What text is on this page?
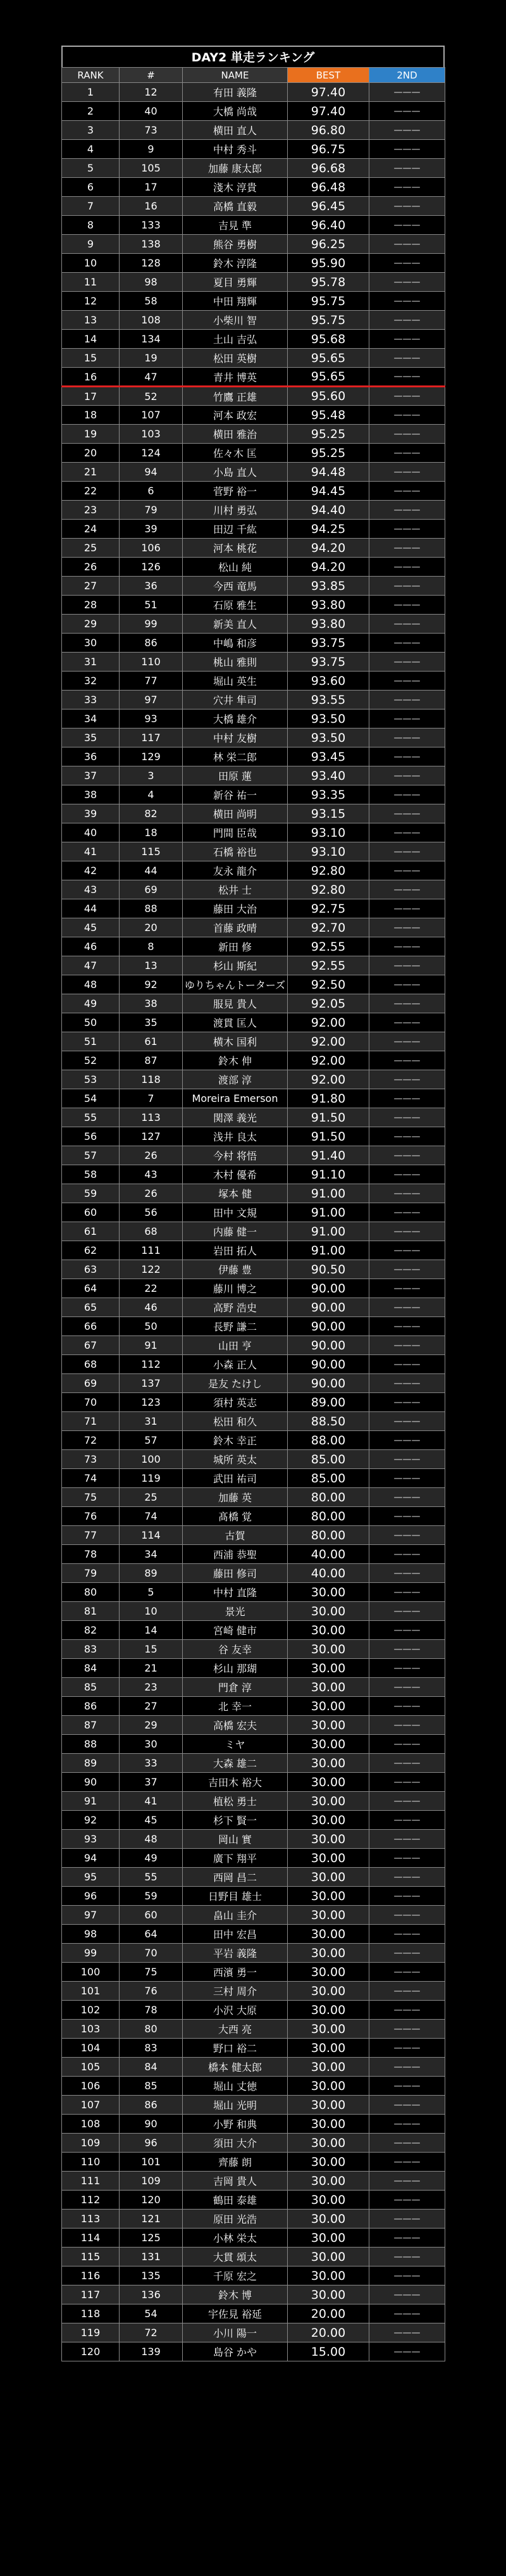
DAY2 単走ランキング
RANK	#	NAME	BEST	2ND
1	12	有田 義隆	97.40	———
2	40	大橋 尚哉	97.40	———
3	73	横田 直人	96.80	———
4	9	中村 秀斗	96.75	———
5	105	加藤 康太郎	96.68	———
6	17	淺木 淳貴	96.48	———
7	16	高橋 直毅	96.45	———
8	133	吉見 準	96.40	———
9	138	熊谷 勇樹	96.25	———
10	128	鈴木 淳隆	95.90	———
11	98	夏目 勇輝	95.78	———
12	58	中田 翔輝	95.75	———
13	108	小柴川 智	95.75	———
14	134	土山 吉弘	95.68	———
15	19	松田 英樹	95.65	———
16	47	青井 博英	95.65	———
17	52	竹鷹 正雄	95.60	———
18	107	河本 政宏	95.48	———
19	103	横田 雅治	95.25	———
20	124	佐々木 匡	95.25	———
21	94	小島 直人	94.48	———
22	6	菅野 裕一	94.45	———
23	79	川村 勇弘	94.40	———
24	39	田辺 千紘	94.25	———
25	106	河本 桃花	94.20	———
26	126	松山 純	94.20	———
27	36	今西 竜馬	93.85	———
28	51	石原 雅生	93.80	———
29	99	新美 直人	93.80	———
30	86	中嶋 和彦	93.75	———
31	110	桃山 雅則	93.75	———
32	77	堀山 英生	93.60	———
33	97	穴井 隼司	93.55	———
34	93	大橋 雄介	93.50	———
35	117	中村 友樹	93.50	———
36	129	林 栄二郎	93.45	———
37	3	田原 蓮	93.40	———
38	4	新谷 祐一	93.35	———
39	82	横田 尚明	93.15	———
40	18	門間 臣哉	93.10	———
41	115	石橋 裕也	93.10	———
42	44	友永 龍介	92.80	———
43	69	松井 士	92.80	———
44	88	藤田 大治	92.75	———
45	20	首藤 政晴	92.70	———
46	8	新田 修	92.55	———
47	13	杉山 斯紀	92.55	———
48	92	ゆりちゃんトーターズ	92.50	———
49	38	服見 貴人	92.05	———
50	35	渡貫 匡人	92.00	———
51	61	横木 国利	92.00	———
52	87	鈴木 伸	92.00	———
53	118	渡部 淳	92.00	———
54	7	Moreira Emerson	91.80	———
55	113	関澤 義光	91.50	———
56	127	浅井 良太	91.50	———
57	26	今村 将悟	91.40	———
58	43	木村 優希	91.10	———
59	26	塚本 健	91.00	———
60	56	田中 文規	91.00	———
61	68	内藤 健一	91.00	———
62	111	岩田 拓人	91.00	———
63	122	伊藤 豊	90.50	———
64	22	藤川 博之	90.00	———
65	46	高野 浩史	90.00	———
66	50	長野 謙二	90.00	———
67	91	山田 亨	90.00	———
68	112	小森 正人	90.00	———
69	137	是友 たけし	90.00	———
70	123	須村 英志	89.00	———
71	31	松田 和久	88.50	———
72	57	鈴木 幸正	88.00	———
73	100	城所 英太	85.00	———
74	119	武田 祐司	85.00	———
75	25	加藤 英	80.00	———
76	74	髙橋 覚	80.00	———
77	114	古賀	80.00	———
78	34	西浦 恭聖	40.00	———
79	89	藤田 修司	40.00	———
80	5	中村 直隆	30.00	———
81	10	景光	30.00	———
82	14	宮崎 健市	30.00	———
83	15	谷 友幸	30.00	———
84	21	杉山 那瑚	30.00	———
85	23	門倉 淳	30.00	———
86	27	北 幸一	30.00	———
87	29	高橋 宏夫	30.00	———
88	30	ミヤ	30.00	———
89	33	大森 雄二	30.00	———
90	37	吉田木 裕大	30.00	———
91	41	植松 勇士	30.00	———
92	45	杉下 賢一	30.00	———
93	48	岡山 實	30.00	———
94	49	廣下 翔平	30.00	———
95	55	西岡 昌二	30.00	———
96	59	日野目 雄士	30.00	———
97	60	畠山 圭介	30.00	———
98	64	田中 宏昌	30.00	———
99	70	平岩 義隆	30.00	———
100	75	西濱 勇一	30.00	———
101	76	三村 周介	30.00	———
102	78	小沢 大原	30.00	———
103	80	大西 亮	30.00	———
104	83	野口 裕二	30.00	———
105	84	橋本 健太郎	30.00	———
106	85	堀山 丈徳	30.00	———
107	86	堀山 光明	30.00	———
108	90	小野 和典	30.00	———
109	96	須田 大介	30.00	———
110	101	齊藤 朗	30.00	———
111	109	吉岡 貴人	30.00	———
112	120	鶴田 泰雄	30.00	———
113	121	原田 光浩	30.00	———
114	125	小林 栄太	30.00	———
115	131	大貫 頌太	30.00	———
116	135	千原 宏之	30.00	———
117	136	鈴木 博	30.00	———
118	54	宇佐見 裕延	20.00	———
119	72	小川 陽一	20.00	———
120	139	島谷 かや	15.00	———
